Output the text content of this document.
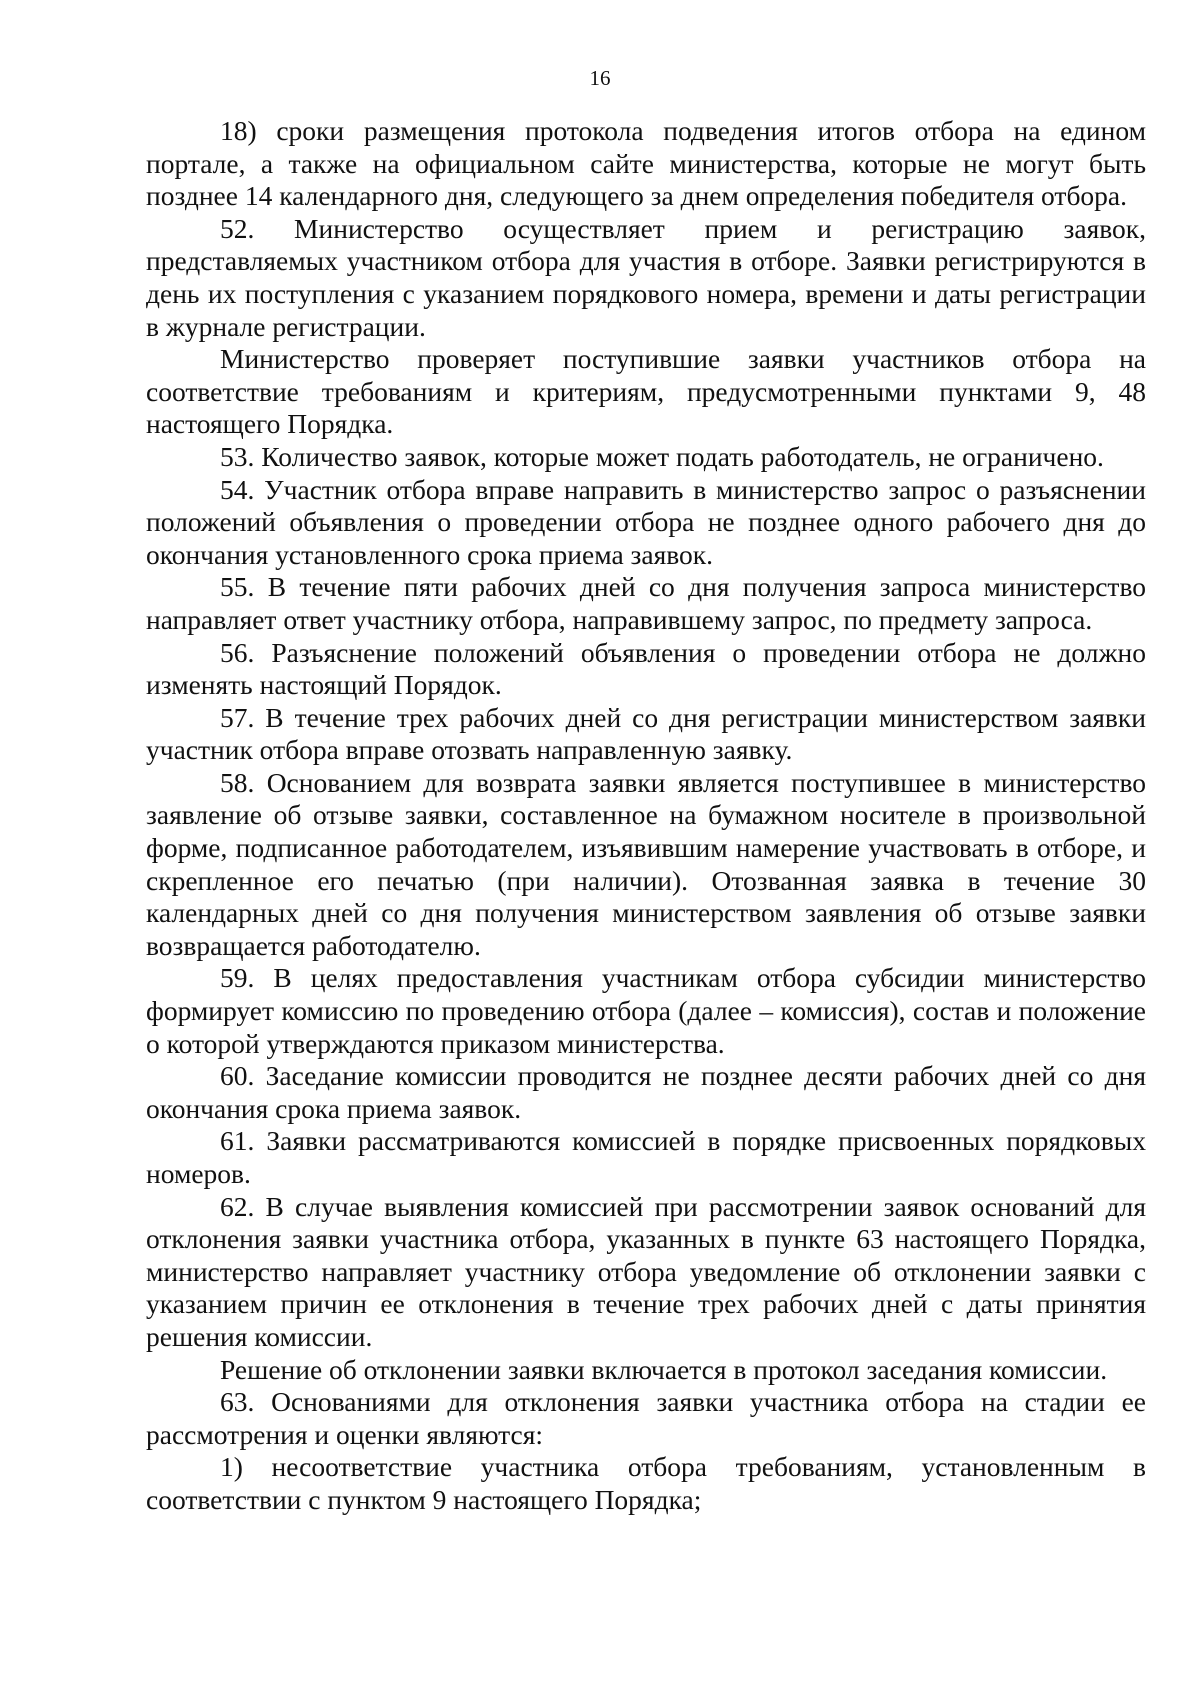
16

18) сроки размещения протокола подведения итогов отбора на едином портале, а также на официальном сайте министерства, которые не могут быть позднее 14 календарного дня, следующего за днем определения победителя отбора.

52. Министерство осуществляет прием и регистрацию заявок, представляемых участником отбора для участия в отборе. Заявки регистрируются в день их поступления с указанием порядкового номера, времени и даты регистрации в журнале регистрации.

Министерство проверяет поступившие заявки участников отбора на соответствие требованиям и критериям, предусмотренными пунктами 9, 48 настоящего Порядка.

53. Количество заявок, которые может подать работодатель, не ограничено.

54. Участник отбора вправе направить в министерство запрос о разъяснении положений объявления о проведении отбора не позднее одного рабочего дня до окончания установленного срока приема заявок.

55. В течение пяти рабочих дней со дня получения запроса министерство направляет ответ участнику отбора, направившему запрос, по предмету запроса.

56. Разъяснение положений объявления о проведении отбора не должно изменять настоящий Порядок.

57. В течение трех рабочих дней со дня регистрации министерством заявки участник отбора вправе отозвать направленную заявку.

58. Основанием для возврата заявки является поступившее в министерство заявление об отзыве заявки, составленное на бумажном носителе в произвольной форме, подписанное работодателем, изъявившим намерение участвовать в отборе, и скрепленное его печатью (при наличии). Отозванная заявка в течение 30 календарных дней со дня получения министерством заявления об отзыве заявки возвращается работодателю.

59. В целях предоставления участникам отбора субсидии министерство формирует комиссию по проведению отбора (далее – комиссия), состав и положение о которой утверждаются приказом министерства.

60. Заседание комиссии проводится не позднее десяти рабочих дней со дня окончания срока приема заявок.

61. Заявки рассматриваются комиссией в порядке присвоенных порядковых номеров.

62. В случае выявления комиссией при рассмотрении заявок оснований для отклонения заявки участника отбора, указанных в пункте 63 настоящего Порядка, министерство направляет участнику отбора уведомление об отклонении заявки с указанием причин ее отклонения в течение трех рабочих дней с даты принятия решения комиссии.

Решение об отклонении заявки включается в протокол заседания комиссии.

63. Основаниями для отклонения заявки участника отбора на стадии ее рассмотрения и оценки являются:

1) несоответствие участника отбора требованиям, установленным в соответствии с пунктом 9 настоящего Порядка;
